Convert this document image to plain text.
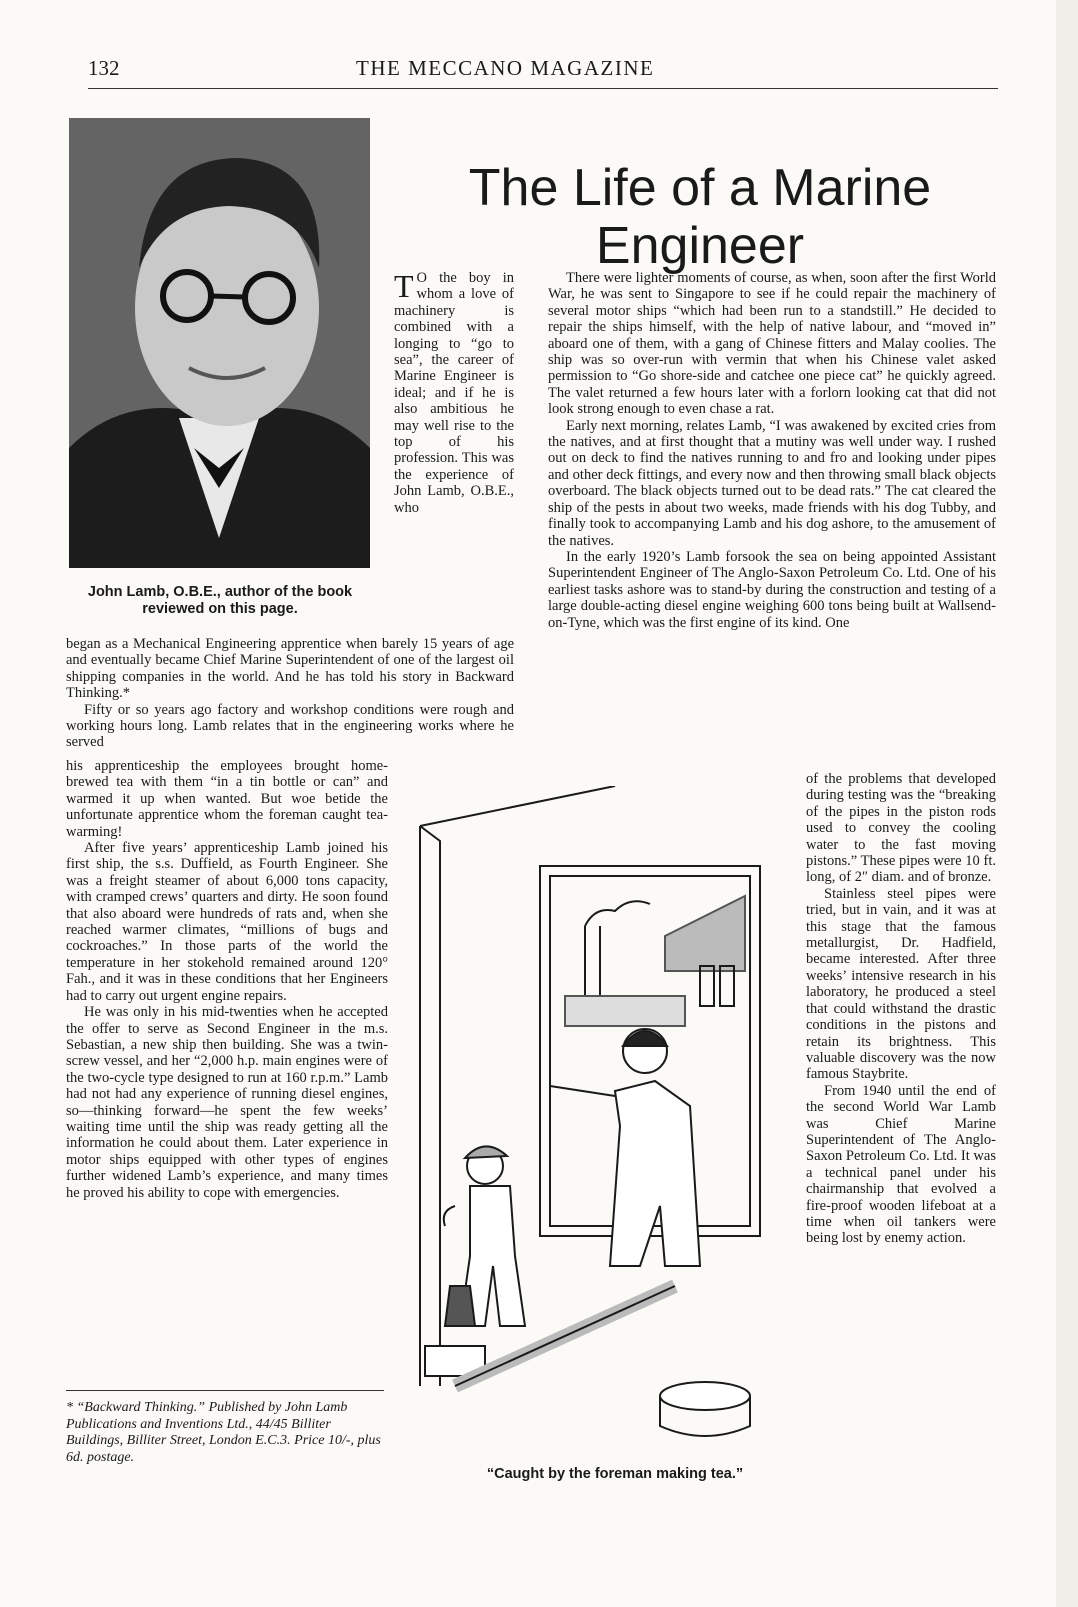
132	THE MECCANO MAGAZINE
John Lamb, O.B.E., author of the book reviewed on this page.
The Life of a Marine Engineer

T O the boy in whom a love of machinery is combined with a longing to “go to sea”, the career of Marine Engineer is ideal; and if he is also ambitious he may well rise to the top of his profession. This was the experience of John Lamb, O.B.E., who

began as a Mechanical Engineering apprentice when barely 15 years of age and eventually became Chief Marine Superintendent of one of the largest oil shipping companies in the world. And he has told his story in Backward Thinking.*

Fifty or so years ago factory and workshop conditions were rough and working hours long. Lamb relates that in the engineering works where he served

his apprenticeship the employees brought home-brewed tea with them “in a tin bottle or can” and warmed it up when wanted. But woe betide the unfortunate apprentice whom the foreman caught tea-warming!

After five years’ apprenticeship Lamb joined his first ship, the s.s. Duffield, as Fourth Engineer. She was a freight steamer of about 6,000 tons capacity, with cramped crews’ quarters and dirty. He soon found that also aboard were hundreds of rats and, when she reached warmer climates, “millions of bugs and cockroaches.” In those parts of the world the temperature in her stokehold remained around 120° Fah., and it was in these conditions that her Engineers had to carry out urgent engine repairs.

He was only in his mid-twenties when he accepted the offer to serve as Second Engineer in the m.s. Sebastian, a new ship then building. She was a twin-screw vessel, and her “2,000 h.p. main engines were of the two-cycle type designed to run at 160 r.p.m.” Lamb had not had any experience of running diesel engines, so—thinking forward—he spent the few weeks’ waiting time until the ship was ready getting all the information he could about them. Later experience in motor ships equipped with other types of engines further widened Lamb’s experience, and many times he proved his ability to cope with emergencies.

* “Backward Thinking.” Published by John Lamb Publications and Inventions Ltd., 44/45 Billiter Buildings, Billiter Street, London E.C.3. Price 10/-, plus 6d. postage.

There were lighter moments of course, as when, soon after the first World War, he was sent to Singapore to see if he could repair the machinery of several motor ships “which had been run to a standstill.” He decided to repair the ships himself, with the help of native labour, and “moved in” aboard one of them, with a gang of Chinese fitters and Malay coolies. The ship was so over-run with vermin that when his Chinese valet asked permission to “Go shore-side and catchee one piece cat” he quickly agreed. The valet returned a few hours later with a forlorn looking cat that did not look strong enough to even chase a rat.

Early next morning, relates Lamb, “I was awakened by excited cries from the natives, and at first thought that a mutiny was well under way. I rushed out on deck to find the natives running to and fro and looking under pipes and other deck fittings, and every now and then throwing small black objects overboard. The black objects turned out to be dead rats.” The cat cleared the ship of the pests in about two weeks, made friends with his dog Tubby, and finally took to accompanying Lamb and his dog ashore, to the amusement of the natives.

In the early 1920’s Lamb forsook the sea on being appointed Assistant Superintendent Engineer of The Anglo-Saxon Petroleum Co. Ltd. One of his earliest tasks ashore was to stand-by during the construction and testing of a large double-acting diesel engine weighing 600 tons being built at Wallsend-on-Tyne, which was the first engine of its kind. One

of the problems that developed during testing was the “breaking of the pipes in the piston rods used to convey the cooling water to the fast moving pistons.” These pipes were 10 ft. long, of 2″ diam. and of bronze.

Stainless steel pipes were tried, but in vain, and it was at this stage that the famous metallurgist, Dr. Hadfield, became interested. After three weeks’ intensive research in his laboratory, he produced a steel that could withstand the drastic conditions in the pistons and retain its brightness. This valuable discovery was the now famous Staybrite.

From 1940 until the end of the second World War Lamb was Chief Marine Superintendent of The Anglo-Saxon Petroleum Co. Ltd. It was a technical panel under his chairmanship that evolved a fire-proof wooden lifeboat at a time when oil tankers were being lost by enemy action.

“Caught by the foreman making tea.”
